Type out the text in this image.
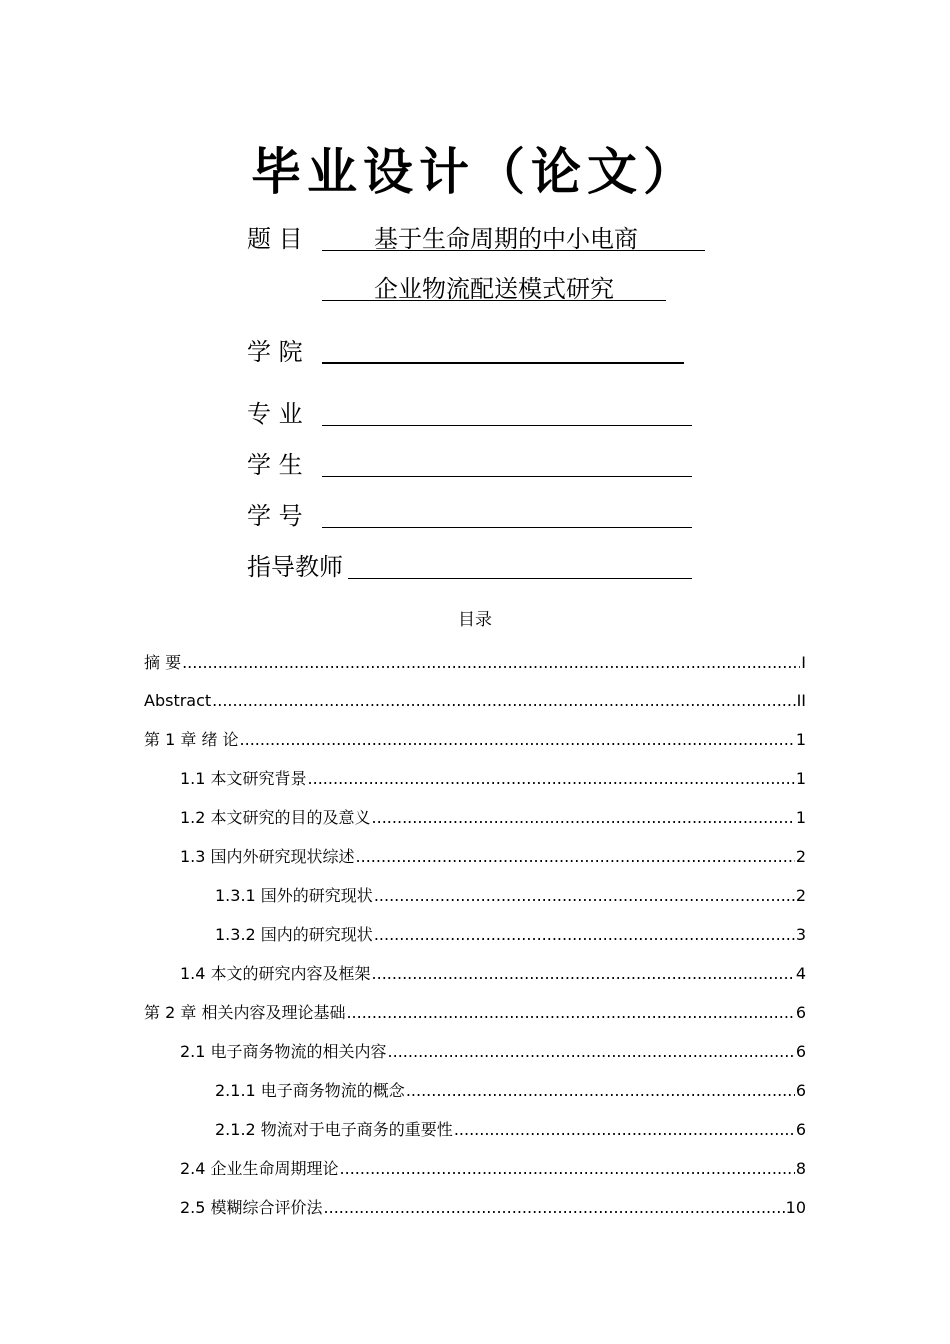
毕业设计（论文）
题 目	基于生命周期的中小电商
企业物流配送模式研究
学 院
专 业
学 生
学 号
指导教师
目录
摘 要 .....	I
Abstract .....	II
第 1 章 绪 论 .....	1
1.1 本文研究背景 .....	1
1.2 本文研究的目的及意义 .....	1
1.3 国内外研究现状综述 .....	2
1.3.1 国外的研究现状 .....	2
1.3.2 国内的研究现状 .....	3
1.4 本文的研究内容及框架 .....	4
第 2 章 相关内容及理论基础 .....	6
2.1 电子商务物流的相关内容 .....	6
2.1.1 电子商务物流的概念 .....	6
2.1.2 物流对于电子商务的重要性 .....	6
2.4 企业生命周期理论 .....	8
2.5 模糊综合评价法 .....	10
